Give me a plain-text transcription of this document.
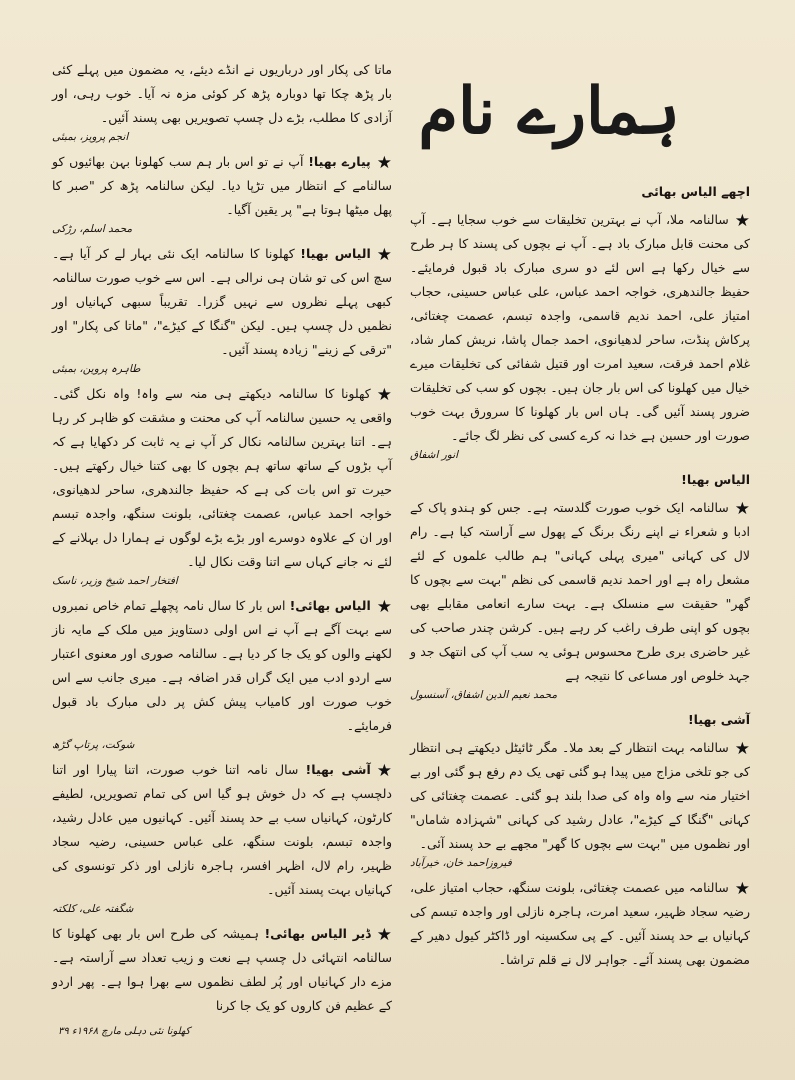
ماتا کی پکار اور درباریوں نے انڈے دیئے، یہ مضمون میں پہلے کئی بار پڑھ چکا تھا دوبارہ پڑھ کر کوئی مزہ نہ آیا۔ خوب رہی، اور آزادی کا مطلب، بڑے دل چسپ تصویریں بھی پسند آئیں۔
انجم پرویز، بمبئی
★پیارے بھیا! آپ نے تو اس بار ہم سب کھلونا بہن بھائیوں کو سالنامے کے انتظار میں تڑپا دیا۔ لیکن سالنامہ پڑھ کر "صبر کا پھل میٹھا ہوتا ہے" پر یقین آگیا۔
محمد اسلم، رڑکی
★الیاس بھیا! کھلونا کا سالنامہ ایک نئی بہار لے کر آیا ہے۔ سچ اس کی تو شان ہی نرالی ہے۔ اس سے خوب صورت سالنامہ کبھی پہلے نظروں سے نہیں گزرا۔ تقریباً سبھی کہانیاں اور نظمیں دل چسپ ہیں۔ لیکن "گنگا کے کیڑے"، "ماتا کی پکار" اور "ترقی کے زینے" زیادہ پسند آئیں۔
طاہرہ پروین، بمبئی
★کھلونا کا سالنامہ دیکھتے ہی منہ سے واہ! واہ نکل گئی۔ واقعی یہ حسین سالنامہ آپ کی محنت و مشقت کو ظاہر کر رہا ہے۔ اتنا بہترین سالنامہ نکال کر آپ نے یہ ثابت کر دکھایا ہے کہ آپ بڑوں کے ساتھ ساتھ ہم بچوں کا بھی کتنا خیال رکھتے ہیں۔ حیرت تو اس بات کی ہے کہ حفیظ جالندھری، ساحر لدھیانوی، خواجہ احمد عباس، عصمت چغتائی، بلونت سنگھ، واجدہ تبسم اور ان کے علاوہ دوسرے اور بڑے بڑے لوگوں نے ہمارا دل بہلانے کے لئے نہ جانے کہاں سے اتنا وقت نکال لیا۔
افتخار احمد شیخ وزیر، ناسک
★الیاس بھائی! اس بار کا سال نامہ پچھلے تمام خاص نمبروں سے بہت آگے ہے آپ نے اس اولی دستاویز میں ملک کے مایہ ناز لکھنے والوں کو یک جا کر دیا ہے۔ سالنامہ صوری اور معنوی اعتبار سے اردو ادب میں ایک گراں قدر اضافہ ہے۔ میری جانب سے اس خوب صورت اور کامیاب پیش کش پر دلی مبارک باد قبول فرمایئے۔
شوکت، پرتاپ گڑھ
★آشی بھیا! سال نامہ اتنا خوب صورت، اتنا پیارا اور اتنا دلچسپ ہے کہ دل خوش ہو گیا اس کی تمام تصویریں، لطیفے کارٹون، کہانیاں سب بے حد پسند آئیں۔ کہانیوں میں عادل رشید، واجدہ تبسم، بلونت سنگھ، علی عباس حسینی، رضیہ سجاد ظہیر، رام لال، اظہر افسر، ہاجرہ نازلی اور ذکر تونسوی کی کہانیاں بہت پسند آئیں۔
شگفتہ علی، کلکتہ
★ڈیر الیاس بھائی! ہمیشہ کی طرح اس بار بھی کھلونا کا سالنامہ انتہائی دل چسپ ہے نعت و زیب تعداد سے آراستہ ہے۔ مزے دار کہانیاں اور پُر لطف نظموں سے بھرا ہوا ہے۔ پھر اردو کے عظیم فن کاروں کو یک جا کرنا
ہمارے نام
اچھے الیاس بھائی
★سالنامہ ملا، آپ نے بہترین تخلیقات سے خوب سجایا ہے۔ آپ کی محنت قابل مبارک باد ہے۔ آپ نے بچوں کی پسند کا ہر طرح سے خیال رکھا ہے اس لئے دو سری مبارک باد قبول فرمایئے۔ حفیظ جالندھری، خواجہ احمد عباس، علی عباس حسینی، حجاب امتیاز علی، احمد ندیم قاسمی، واجدہ تبسم، عصمت چغتائی، پرکاش پنڈت، ساحر لدھیانوی، احمد جمال پاشا، نریش کمار شاد، غلام احمد فرقت، سعید امرت اور قتیل شفائی کی تخلیقات میرے خیال میں کھلونا کی اس بار جان ہیں۔ بچوں کو سب کی تخلیقات ضرور پسند آئیں گی۔ ہاں اس بار کھلونا کا سرورق بہت خوب صورت اور حسین ہے خدا نہ کرے کسی کی نظر لگ جائے۔
انور اشفاق
الیاس بھیا!
★سالنامہ ایک خوب صورت گلدستہ ہے۔ جس کو ہندو پاک کے ادبا و شعراء نے اپنے رنگ برنگ کے پھول سے آراستہ کیا ہے۔ رام لال کی کہانی "میری پہلی کہانی" ہم طالب علموں کے لئے مشعل راہ ہے اور احمد ندیم قاسمی کی نظم "بہت سے بچوں کا گھر" حقیقت سے منسلک ہے۔ بہت سارے انعامی مقابلے بھی بچوں کو اپنی طرف راغب کر رہے ہیں۔ کرشن چندر صاحب کی غیر حاضری بری طرح محسوس ہوئی یہ سب آپ کی انتھک جد و جہد خلوص اور مساعی کا نتیجہ ہے
محمد نعیم الدین اشفاق، آسنسول
آشی بھیا!
★سالنامہ بہت انتظار کے بعد ملا۔ مگر ٹائیٹل دیکھتے ہی انتظار کی جو تلخی مزاج میں پیدا ہو گئی تھی یک دم رفع ہو گئی اور بے اختیار منہ سے واہ واہ کی صدا بلند ہو گئی۔ عصمت چغتائی کی کہانی "گنگا کے کیڑے"، عادل رشید کی کہانی "شہزادہ شاماں" اور نظموں میں "بہت سے بچوں کا گھر" مجھے بے حد پسند آئی۔
فیروزاحمد خان، خیرآباد
★سالنامہ میں عصمت چغتائی، بلونت سنگھ، حجاب امتیاز علی، رضیہ سجاد ظہیر، سعید امرت، ہاجرہ نازلی اور واجدہ تبسم کی کہانیاں بے حد پسند آئیں۔ کے پی سکسینہ اور ڈاکٹر کیول دھیر کے مضمون بھی پسند آئے۔ جواہر لال نے قلم تراشا۔
کھلونا نئی دہلی مارچ ۱۹۶۸ء ۳۹
